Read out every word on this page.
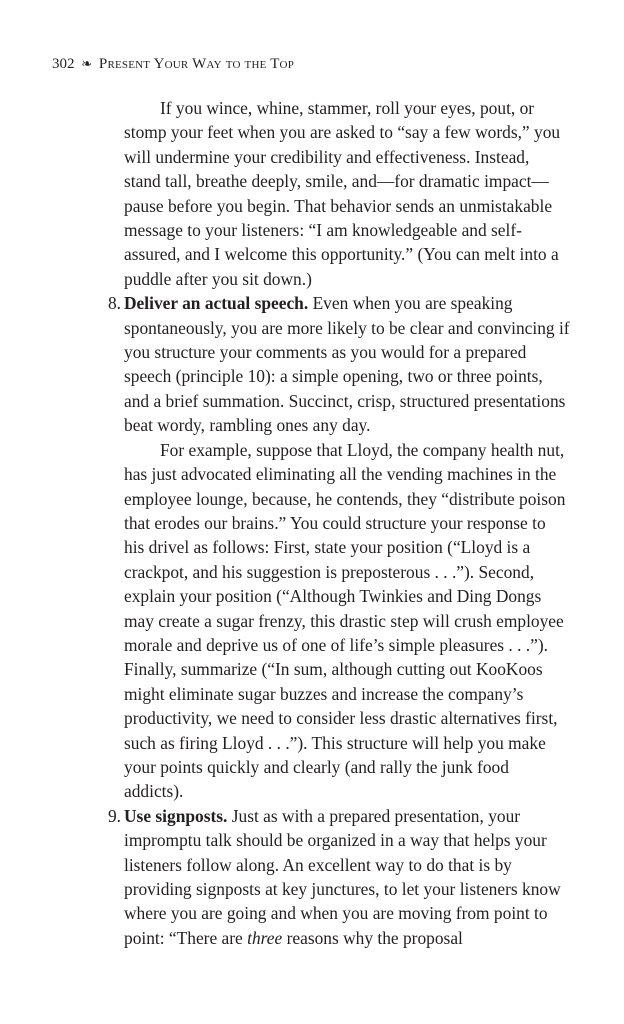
302 ❧ Present Your Way to the Top

If you wince, whine, stammer, roll your eyes, pout, or stomp your feet when you are asked to “say a few words,” you will undermine your credibility and effectiveness. Instead, stand tall, breathe deeply, smile, and—for dramatic impact—pause before you begin. That behavior sends an unmistakable message to your listeners: “I am knowledgeable and self-assured, and I welcome this opportunity.” (You can melt into a puddle after you sit down.)

8. Deliver an actual speech. Even when you are speaking spontaneously, you are more likely to be clear and convincing if you structure your comments as you would for a prepared speech (principle 10): a simple opening, two or three points, and a brief summation. Succinct, crisp, structured presentations beat wordy, rambling ones any day.

For example, suppose that Lloyd, the company health nut, has just advocated eliminating all the vending machines in the employee lounge, because, he contends, they “distribute poison that erodes our brains.” You could structure your response to his drivel as follows: First, state your position (“Lloyd is a crackpot, and his suggestion is preposterous . . .”). Second, explain your position (“Although Twinkies and Ding Dongs may create a sugar frenzy, this drastic step will crush employee morale and deprive us of one of life’s simple pleasures . . .”). Finally, summarize (“In sum, although cutting out KooKoos might eliminate sugar buzzes and increase the company’s productivity, we need to consider less drastic alternatives first, such as firing Lloyd . . .”). This structure will help you make your points quickly and clearly (and rally the junk food addicts).

9. Use signposts. Just as with a prepared presentation, your impromptu talk should be organized in a way that helps your listeners follow along. An excellent way to do that is by providing signposts at key junctures, to let your listeners know where you are going and when you are moving from point to point: “There are three reasons why the proposal
